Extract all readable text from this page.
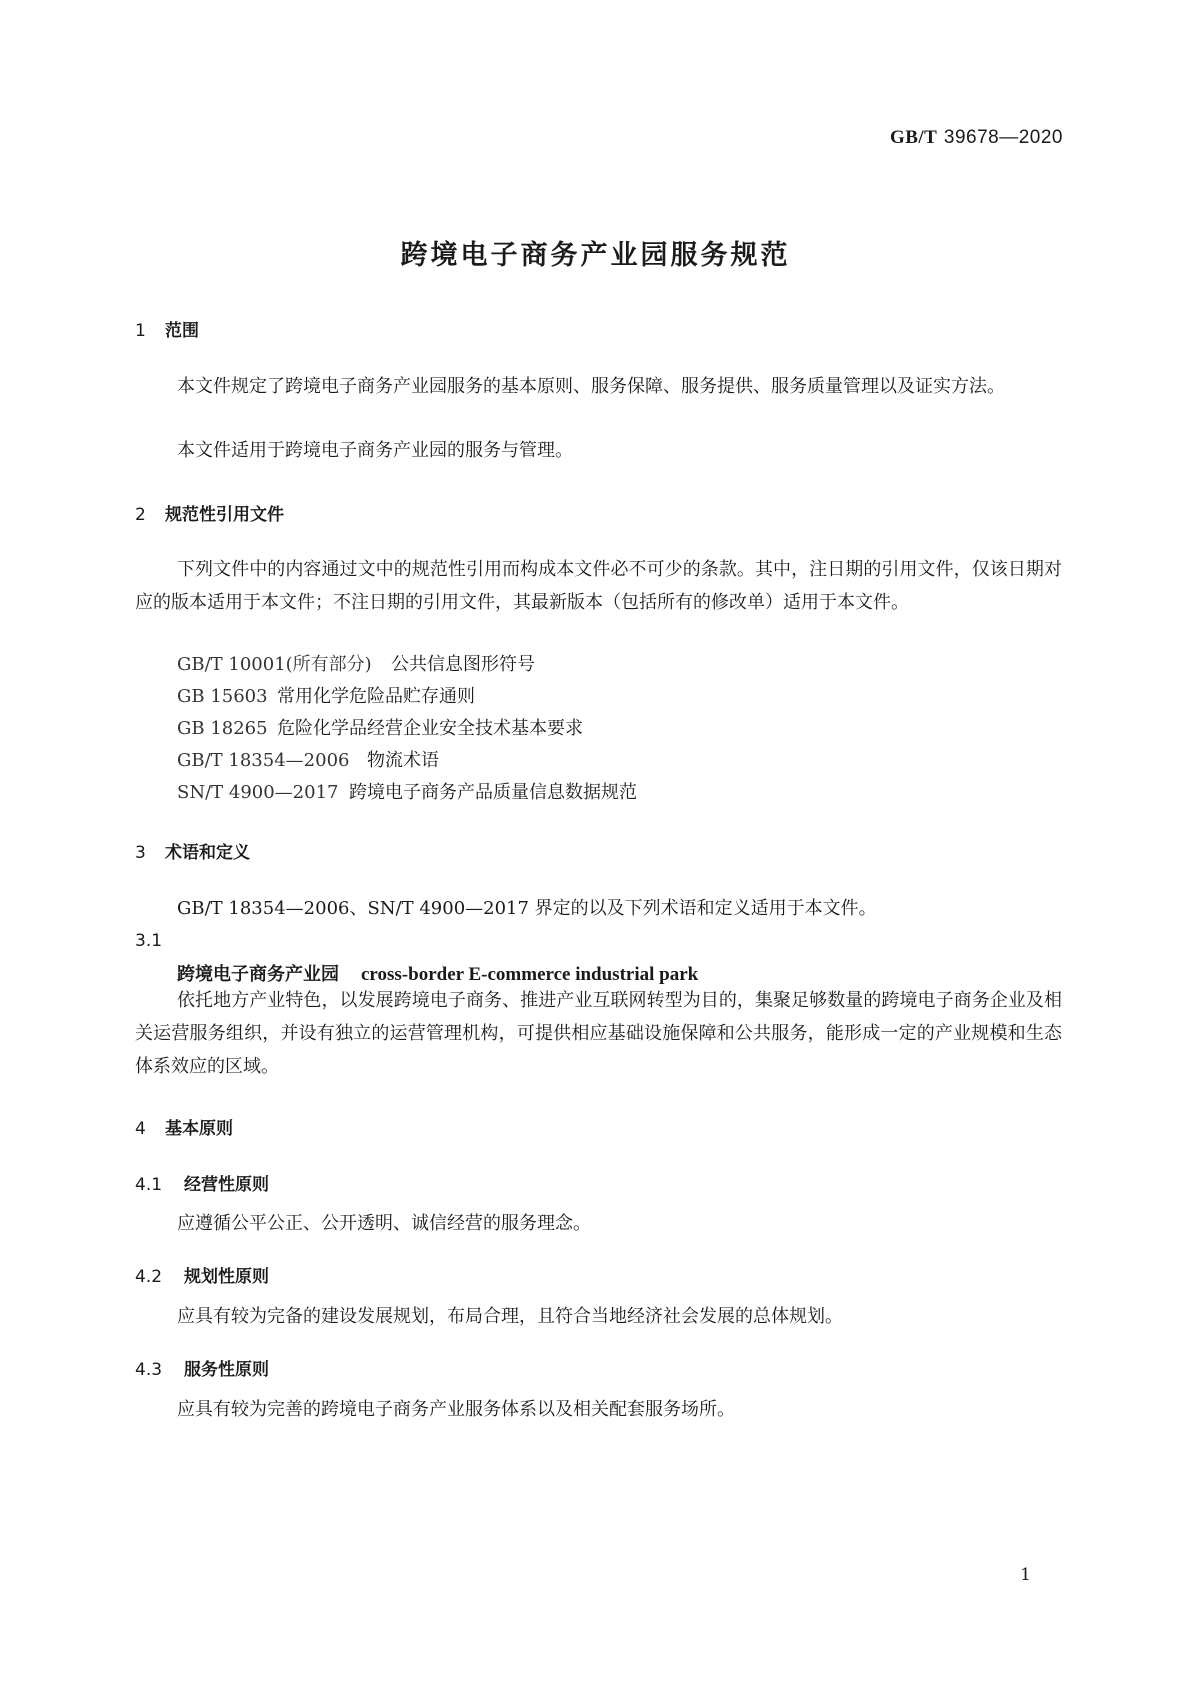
GB/T 39678—2020
跨境电子商务产业园服务规范
1 范围
本文件规定了跨境电子商务产业园服务的基本原则、服务保障、服务提供、服务质量管理以及证实方法。
本文件适用于跨境电子商务产业园的服务与管理。
2 规范性引用文件
下列文件中的内容通过文中的规范性引用而构成本文件必不可少的条款。其中，注日期的引用文件，仅该日期对应的版本适用于本文件；不注日期的引用文件，其最新版本（包括所有的修改单）适用于本文件。
GB/T 10001(所有部分) 公共信息图形符号
GB 15603 常用化学危险品贮存通则
GB 18265 危险化学品经营企业安全技术基本要求
GB/T 18354—2006 物流术语
SN/T 4900—2017 跨境电子商务产品质量信息数据规范
3 术语和定义
GB/T 18354—2006、SN/T 4900—2017 界定的以及下列术语和定义适用于本文件。
3.1
跨境电子商务产业园 cross-border E-commerce industrial park
依托地方产业特色，以发展跨境电子商务、推进产业互联网转型为目的，集聚足够数量的跨境电子商务企业及相关运营服务组织，并设有独立的运营管理机构，可提供相应基础设施保障和公共服务，能形成一定的产业规模和生态体系效应的区域。
4 基本原则
4.1 经营性原则
应遵循公平公正、公开透明、诚信经营的服务理念。
4.2 规划性原则
应具有较为完备的建设发展规划，布局合理，且符合当地经济社会发展的总体规划。
4.3 服务性原则
应具有较为完善的跨境电子商务产业服务体系以及相关配套服务场所。
1
